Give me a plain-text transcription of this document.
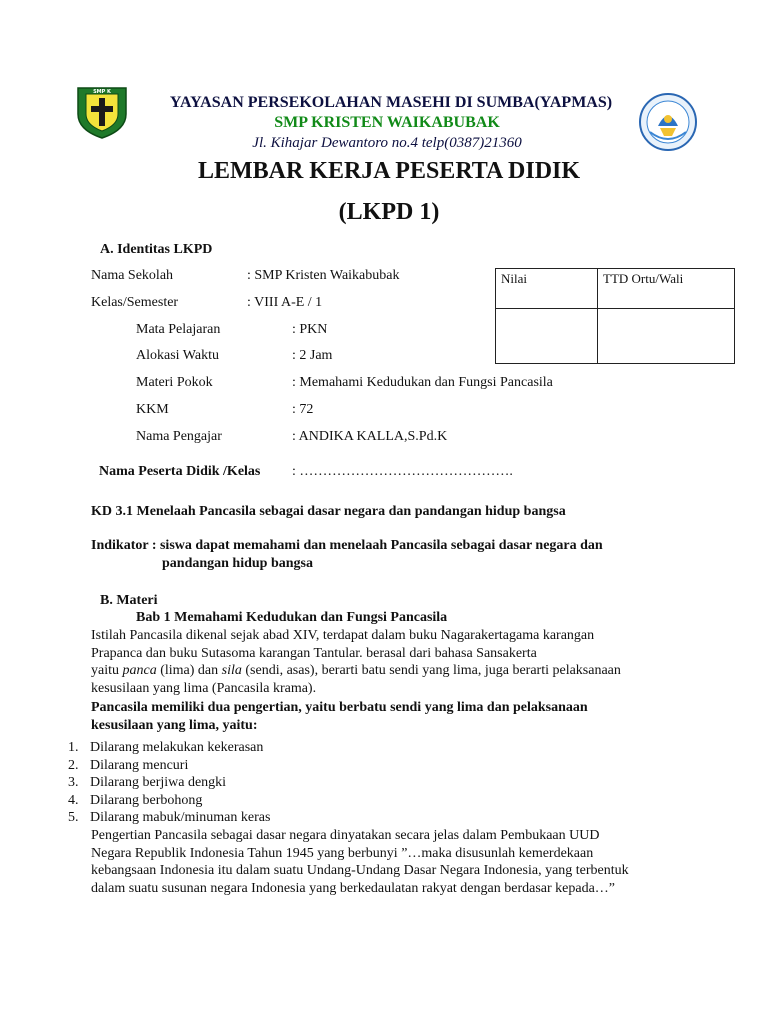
SMP K
YAYASAN PERSEKOLAHAN MASEHI DI SUMBA(YAPMAS)
SMP KRISTEN WAIKABUBAK
Jl. Kihajar Dewantoro no.4 telp(0387)21360
LEMBAR KERJA PESERTA DIDIK
(LKPD 1)
A. Identitas LKPD
Nama Sekolah	: SMP Kristen Waikabubak
Kelas/Semester	: VIII A-E / 1
Mata Pelajaran	: PKN
Alokasi Waktu	: 2 Jam
Materi Pokok	: Memahami Kedudukan dan Fungsi Pancasila
KKM	: 72
Nama Pengajar	: ANDIKA KALLA,S.Pd.K
Nama Peserta Didik /Kelas : ……………………………………….
Nilai	TTD Ortu/Wali

KD 3.1 Menelaah Pancasila sebagai dasar negara dan pandangan hidup bangsa
Indikator : siswa dapat memahami dan menelaah Pancasila sebagai dasar negara dan
pandangan hidup bangsa
B. Materi
Bab 1 Memahami Kedudukan dan Fungsi Pancasila
Istilah Pancasila dikenal sejak abad XIV, terdapat dalam buku Nagarakertagama karangan
Prapanca dan buku Sutasoma karangan Tantular. berasal dari bahasa Sansakerta
yaitu panca (lima) dan sila (sendi, asas), berarti batu sendi yang lima, juga berarti pelaksanaan
kesusilaan yang lima (Pancasila krama).
Pancasila memiliki dua pengertian, yaitu berbatu sendi yang lima dan pelaksanaan
kesusilaan yang lima, yaitu:
1. Dilarang melakukan kekerasan
2. Dilarang mencuri
3. Dilarang berjiwa dengki
4. Dilarang berbohong
5. Dilarang mabuk/minuman keras
Pengertian Pancasila sebagai dasar negara dinyatakan secara jelas dalam Pembukaan UUD
Negara Republik Indonesia Tahun 1945 yang berbunyi ”…maka disusunlah kemerdekaan
kebangsaan Indonesia itu dalam suatu Undang-Undang Dasar Negara Indonesia, yang terbentuk
dalam suatu susunan negara Indonesia yang berkedaulatan rakyat dengan berdasar kepada…”
